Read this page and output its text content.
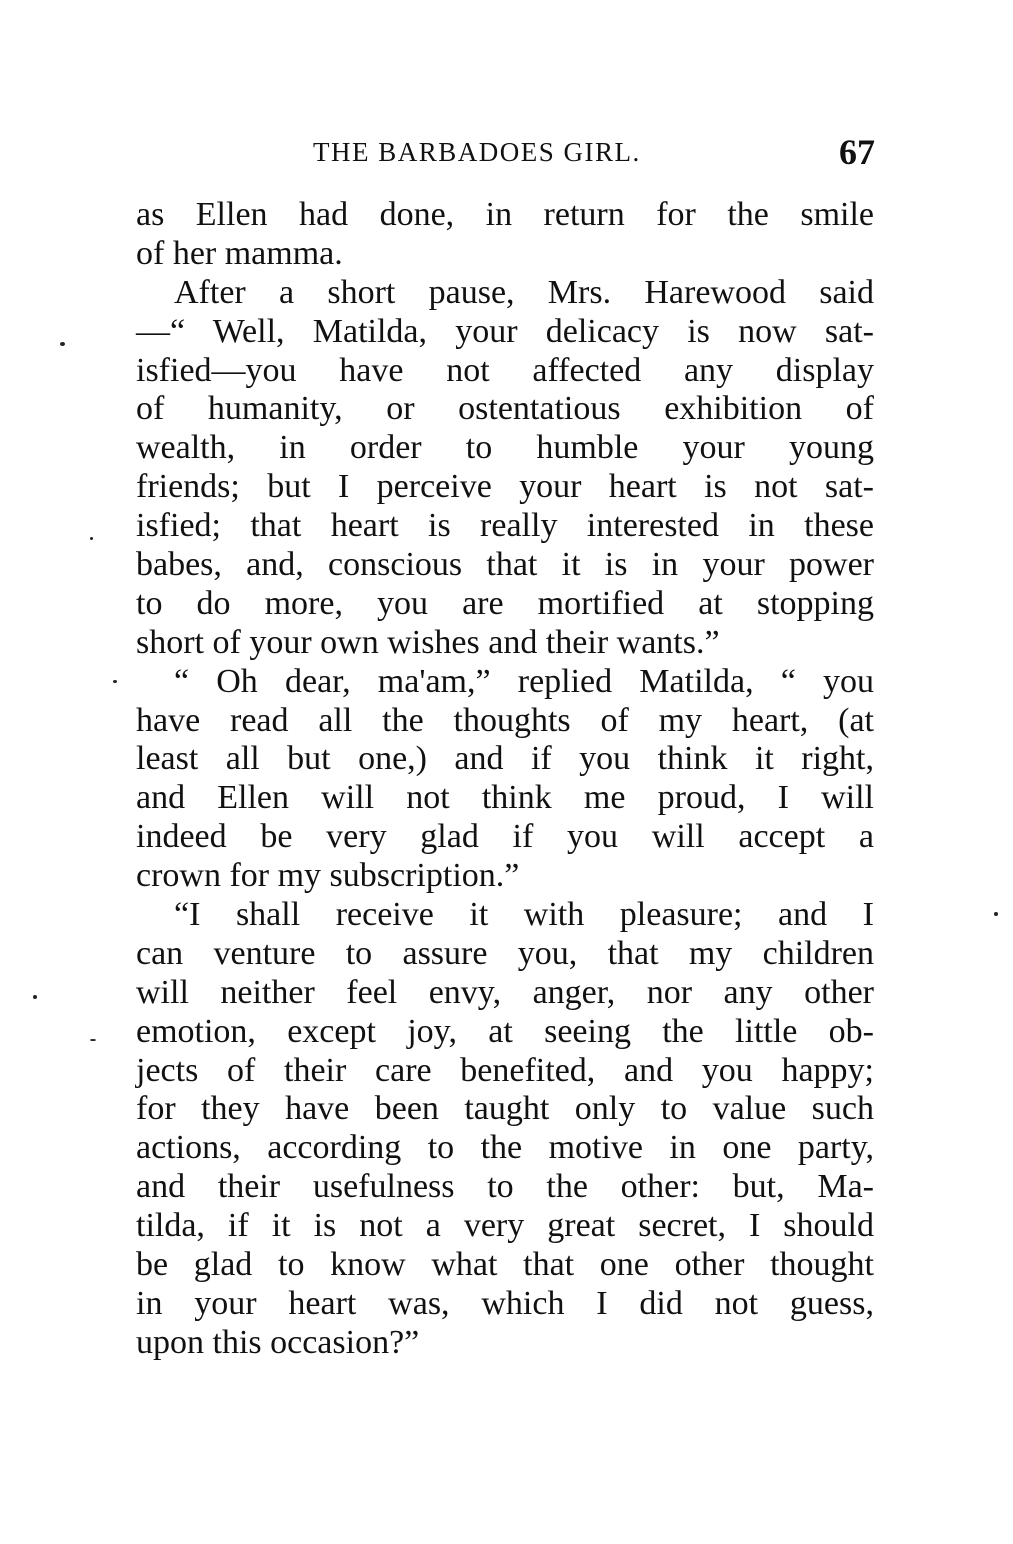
THE BARBADOES GIRL.	67
as Ellen had done, in return for the smile
of her mamma.
After a short pause, Mrs. Harewood said
—“ Well, Matilda, your delicacy is now sat-
isfied—you have not affected any display
of humanity, or ostentatious exhibition of
wealth, in order to humble your young
friends; but I perceive your heart is not sat-
isfied; that heart is really interested in these
babes, and, conscious that it is in your power
to do more, you are mortified at stopping
short of your own wishes and their wants.”
“ Oh dear, ma'am,” replied Matilda, “ you
have read all the thoughts of my heart, (at
least all but one,) and if you think it right,
and Ellen will not think me proud, I will
indeed be very glad if you will accept a
crown for my subscription.”
“I shall receive it with pleasure; and I
can venture to assure you, that my children
will neither feel envy, anger, nor any other
emotion, except joy, at seeing the little ob-
jects of their care benefited, and you happy;
for they have been taught only to value such
actions, according to the motive in one party,
and their usefulness to the other: but, Ma-
tilda, if it is not a very great secret, I should
be glad to know what that one other thought
in your heart was, which I did not guess,
upon this occasion?”
